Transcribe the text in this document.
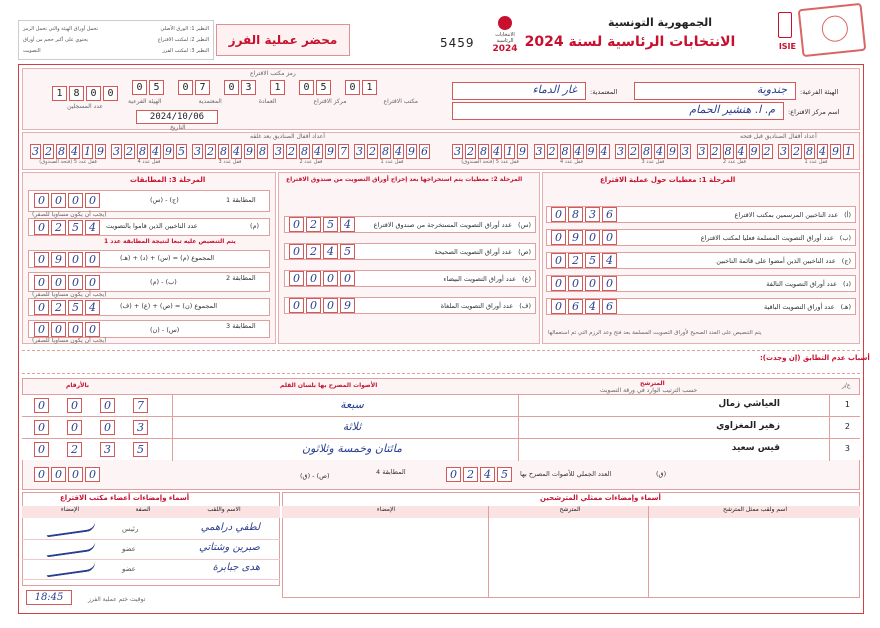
ISIE
الجمهورية التونسية
الانتخابات الرئاسية لسنة 2024
الانتخابات الرئاسية
2024
5459
محضر عملية الفرز
النظير 1: الورق الأصلي
تحمل أوراق الهيئة والتي تحمل الرمز
النظير 2: لمكتب الاقتراع
يحتوي على أكبر حجم من أوراق
النظير 3: لمكتب الفرز
التصويت
1	8	0	0
عدد المسجلين
رمز مكتب الاقتراع
0	5	0	7	0	3	1	0	5	0	1
مكتب الاقتراع
مركز الاقتراع
العمادة
المعتمدية
الهيئة الفرعية
2024/10/06
التاريخ
الهيئة الفرعية:
جندوبة
المعتمدية:
غار الدماء
اسم مركز الاقتراع:
م. ا. هنشير الحمام
أعداد أقفال الصناديق بعد غلقه	أعداد أقفال الصناديق قبل فتحه
3 2 8 4 1 9
قفل عدد 5 (فتحة الصندوق)
3 2 8 4 9 5
قفل عدد 4
3 2 8 4 9 8
قفل عدد 3
3 2 8 4 9 7
قفل عدد 2
3 2 8 4 9 6
قفل عدد 1
3 2 8 4 1 9
قفل عدد 5 (فتحة الصندوق)
3 2 8 4 9 4
قفل عدد 4
3 2 8 4 9 3
قفل عدد 3
3 2 8 4 9 2
قفل عدد 2
3 2 8 4 9 1
قفل عدد 1
المرحلة 1: معطيات حول عملية الاقتراع
0 8 3 6	عدد الناخبين المرسمين بمكتب الاقتراع (أ)
0 9 0 0	عدد أوراق التصويت المسلمة فعليا لمكتب الاقتراع (ب)
0 2 5 4	عدد الناخبين الذين أمضوا على قائمة الناخبين (ج)
0 0 0 0	عدد أوراق التصويت التالفة (د)
0 6 4 6	عدد أوراق التصويت الباقية (هـ)
يتم التنصيص على العدد الصحيح لأوراق التصويت المسلمة بعد فتح وعد الرزم التي تم استعمالها
المرحلة 2: معطيات يتم استخراجها بعد إخراج أوراق التصويت من صندوق الاقتراع
0 2 5 4	عدد أوراق التصويت المستخرجة من صندوق الاقتراع (س)
0 2 4 5	عدد أوراق التصويت الصحيحة (ص)
0 0 0 0	عدد أوراق التصويت البيضاء (ع)
0 0 0 9	عدد أوراق التصويت الملغاة (ف)
المرحلة 3: المطابقات
0 0 0 0	(ج) - (س)	المطابقة 1
(يجب أن يكون مساويا للصفر)
0 2 5 4	عدد الناخبين الذين قاموا بالتصويت	(م)
يتم التنصيص عليه تبعا لنتيجة المطابقة عدد 1
0 9 0 0	المجموع (م) = (س) + (د) + (هـ)
0 0 0 0	(ب) - (م)	المطابقة 2
(يجب أن يكون مساويا للصفر)
0 2 5 4	المجموع (ن) = (ص) + (ع) + (ف)
0 0 0 0	(س) - (ن)	المطابقة 3
(يجب أن يكون مساويا للصفر)
أسباب عدم التطابق (إن وجدت):
ع/ر
المترشح
حسب الترتيب الوارد في ورقة التصويت
الأصوات المصرح بها بلسان القلم
بالأرقام
1
العياشي زمال
سبعة
0	0	0	7
2
زهير المغزاوي
ثلاثة
0	0	0	3
3
قيس سعيد
مائتان وخمسة وثلاثون
0	2	3	5
0 2 4 5	العدد الجملي للأصوات المصرح بها	(ق)
0 0 0 0	(ص) - (ق)	المطابقة 4
أسماء وإمضاءات ممثلي المترشحين
اسم ولقب ممثل المترشح
المترشح
الإمضاء
أسماء وإمضاءات أعضاء مكتب الاقتراع
الاسم واللقب
الصفة
الإمضاء
لطفي دراهمي
رئيس
صبرين وشتاتي
عضو
هدى جبابرة
عضو
18:45	توقيت ختم عملية الفرز
